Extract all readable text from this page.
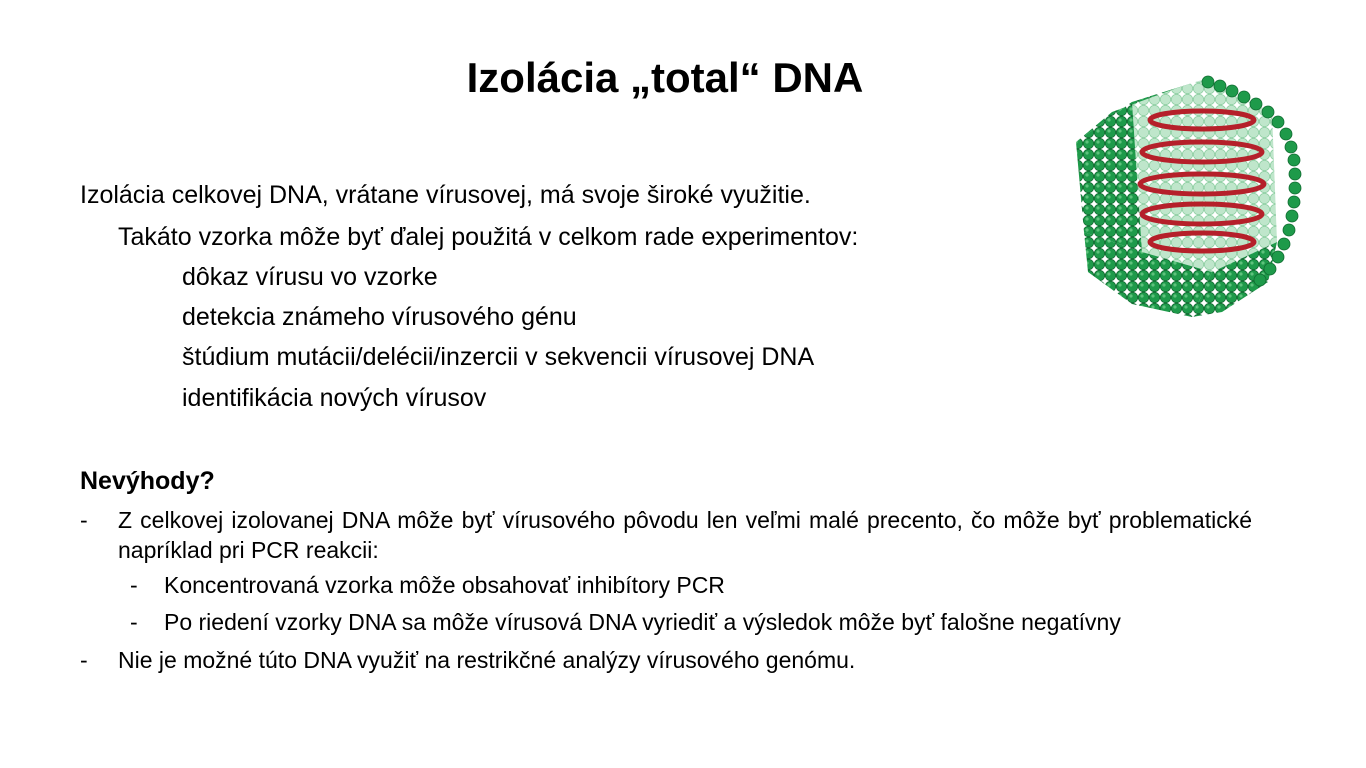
Izolácia „total“ DNA
Izolácia celkovej DNA, vrátane vírusovej, má svoje široké využitie.
Takáto vzorka môže byť ďalej použitá v celkom rade experimentov:
dôkaz vírusu vo vzorke
detekcia známeho vírusového génu
štúdium mutácii/delécii/inzercii v sekvencii vírusovej DNA
identifikácia nových vírusov
Nevýhody?
- Z celkovej izolovanej DNA môže byť vírusového pôvodu len veľmi malé precento, čo môže byť problematické napríklad pri PCR reakcii:
- Koncentrovaná vzorka môže obsahovať inhibítory PCR
- Po riedení vzorky DNA sa môže vírusová DNA vyriediť a výsledok môže byť falošne negatívny
- Nie je možné túto DNA využiť na restrikčné analýzy vírusového genómu.
